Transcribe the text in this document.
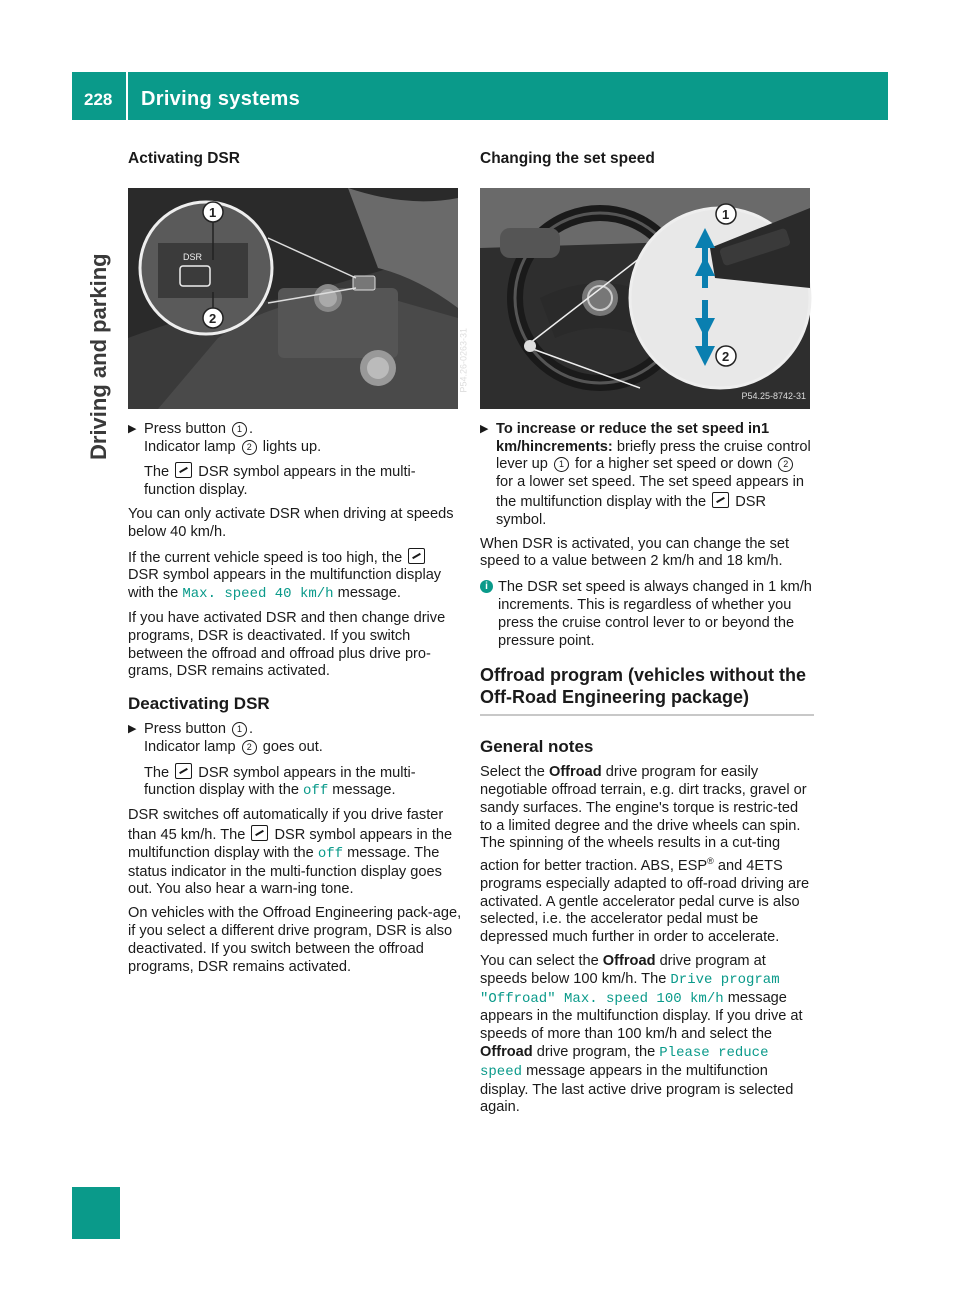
228 Driving systems
Driving and parking
Activating DSR
DSR
1
2
P54.26-0263-31
▶ Press button 1 .
Indicator lamp 2 lights up.
The DSR symbol appears in the multi-function display.

You can only activate DSR when driving at speeds below 40 km/h.

If the current vehicle speed is too high, the  DSR symbol appears in the multifunction display with the Max. speed 40 km/h message.

If you have activated DSR and then change drive programs, DSR is deactivated. If you switch between the offroad and offroad plus drive pro-grams, DSR remains activated.

Deactivating DSR
▶ Press button 1 .
Indicator lamp 2 goes out.
The DSR symbol appears in the multi-function display with the off message.

DSR switches off automatically if you drive faster than 45 km/h. The DSR symbol appears in the multifunction display with the off message. The status indicator in the multi-function display goes out. You also hear a warn-ing tone.

On vehicles with the Offroad Engineering pack-age, if you select a different drive program, DSR is also deactivated. If you switch between the offroad programs, DSR remains activated.

Changing the set speed
1
2
P54.25-8742-31
▶ To increase or reduce the set speed in1 km/hincrements: briefly press the cruise control lever up 1 for a higher set speed or down 2 for a lower set speed. The set speed appears in the multifunction display with the DSR symbol.

When DSR is activated, you can change the set speed to a value between 2 km/h and 18 km/h.

i The DSR set speed is always changed in 1 km/h increments. This is regardless of whether you press the cruise control lever to or beyond the pressure point.
Offroad program (vehicles without the Off-Road Engineering package)
General notes

Select the Offroad drive program for easily negotiable offroad terrain, e.g. dirt tracks, gravel or sandy surfaces. The engine's torque is restric-ted to a limited degree and the drive wheels can spin. The spinning of the wheels results in a cut-ting action for better traction. ABS, ESP® and 4ETS programs especially adapted to off-road driving are activated. A gentle accelerator pedal curve is also selected, i.e. the accelerator pedal must be depressed much further in order to accelerate.

You can select the Offroad drive program at speeds below 100 km/h. The Drive program "Offroad" Max. speed 100 km/h message appears in the multifunction display. If you drive at speeds of more than 100 km/h and select the Offroad drive program, the Please reduce speed message appears in the multifunction display. The last active drive program is selected again.
